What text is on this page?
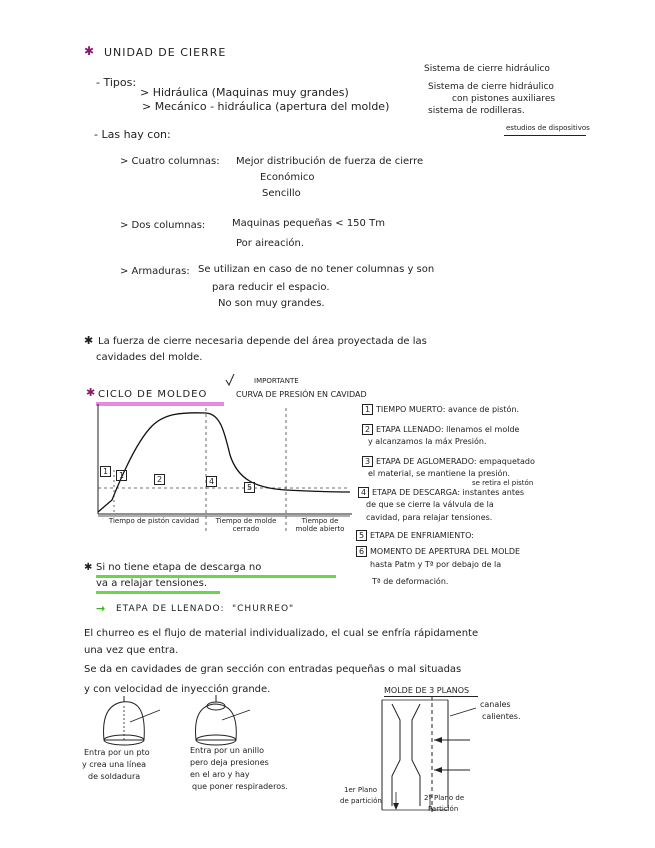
✱ UNIDAD DE CIERRE
- Tipos:
> Hidráulica (Maquinas muy grandes)
> Mecánico - hidráulica (apertura del molde)
Sistema de cierre hidráulico
Sistema de cierre hidráulico
con pistones auxiliares
sistema de rodilleras.
estudios de dispositivos
- Las hay con:
> Cuatro columnas: Mejor distribución de fuerza de cierre
Económico
Sencillo
> Dos columnas:	Maquinas pequeñas < 150 Tm
Por aireación.
> Armaduras: Se utilizan en caso de no tener columnas y son
para reducir el espacio.
No son muy grandes.
✱ La fuerza de cierre necesaria depende del área proyectada de las
cavidades del molde.
✱ CICLO DE MOLDEO
IMPORTANTE
CURVA DE PRESIÓN EN CAVIDAD
1	1	2	4
5
Tiempo de pistón cavidad	Tiempo de molde cerrado
Tiempo de molde abierto
1 TIEMPO MUERTO: avance de pistón.
2 ETAPA LLENADO: llenamos el molde
y alcanzamos la máx Presión.
3 ETAPA DE AGLOMERADO: empaquetado
el material, se mantiene la presión.
se retira el pistón
4 ETAPA DE DESCARGA: instantes antes
de que se cierre la válvula de la
cavidad, para relajar tensiones.
5 ETAPA DE ENFRIAMIENTO:
6 MOMENTO DE APERTURA DEL MOLDE
hasta Patm y Tª por debajo de la
Tª de deformación.
✱ Si no tiene etapa de descarga no
va a relajar tensiones.
→ ETAPA DE LLENADO: "CHURREO"
El churreo es el flujo de material individualizado, el cual se enfría rápidamente
una vez que entra.
Se da en cavidades de gran sección con entradas pequeñas o mal situadas
y con velocidad de inyección grande.	MOLDE DE 3 PLANOS
canales
calientes.
1er Plano
de partición	2º Plano de
Partición
Entra por un pto
y crea una línea
de soldadura
Entra por un anillo
pero deja presiones
en el aro y hay
que poner respiraderos.
